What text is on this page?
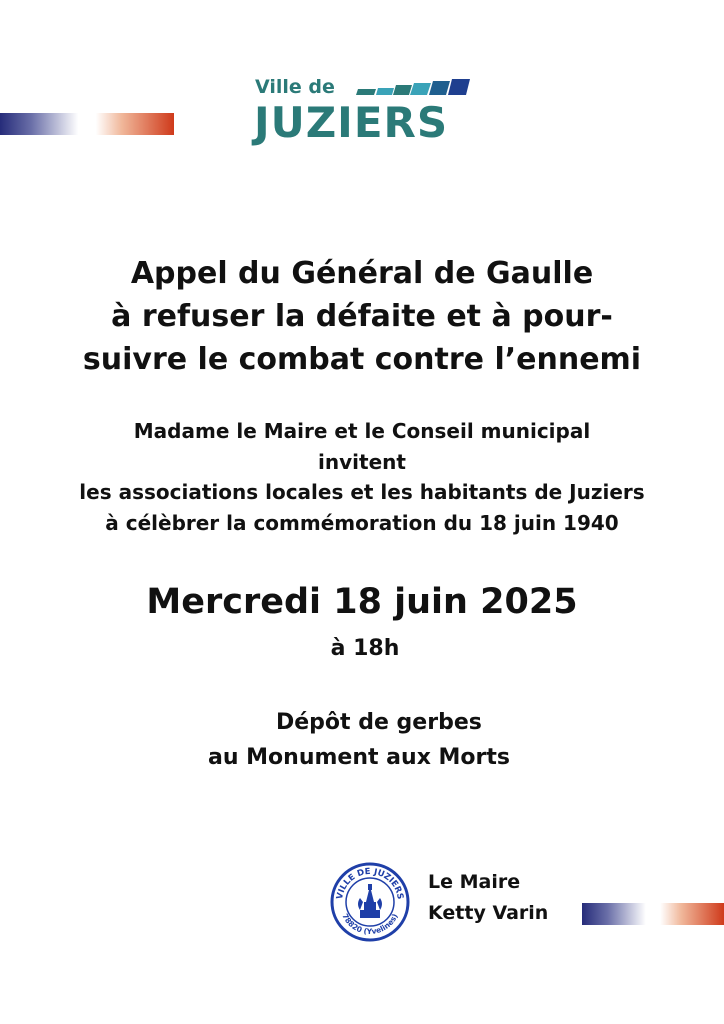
Ville de
JUZIERS
Appel du Général de Gaulle
à refuser la défaite et à pour-
suivre le combat contre l’ennemi
Madame le Maire et le Conseil municipal
invitent
les associations locales et les habitants de Juziers
à célèbrer la commémoration du 18 juin 1940
Mercredi 18 juin 2025
à 18h
Dépôt de gerbes
au Monument aux Morts
VILLE DE JUZIERS
78820 (Yvelines)
Le Maire
Ketty Varin
